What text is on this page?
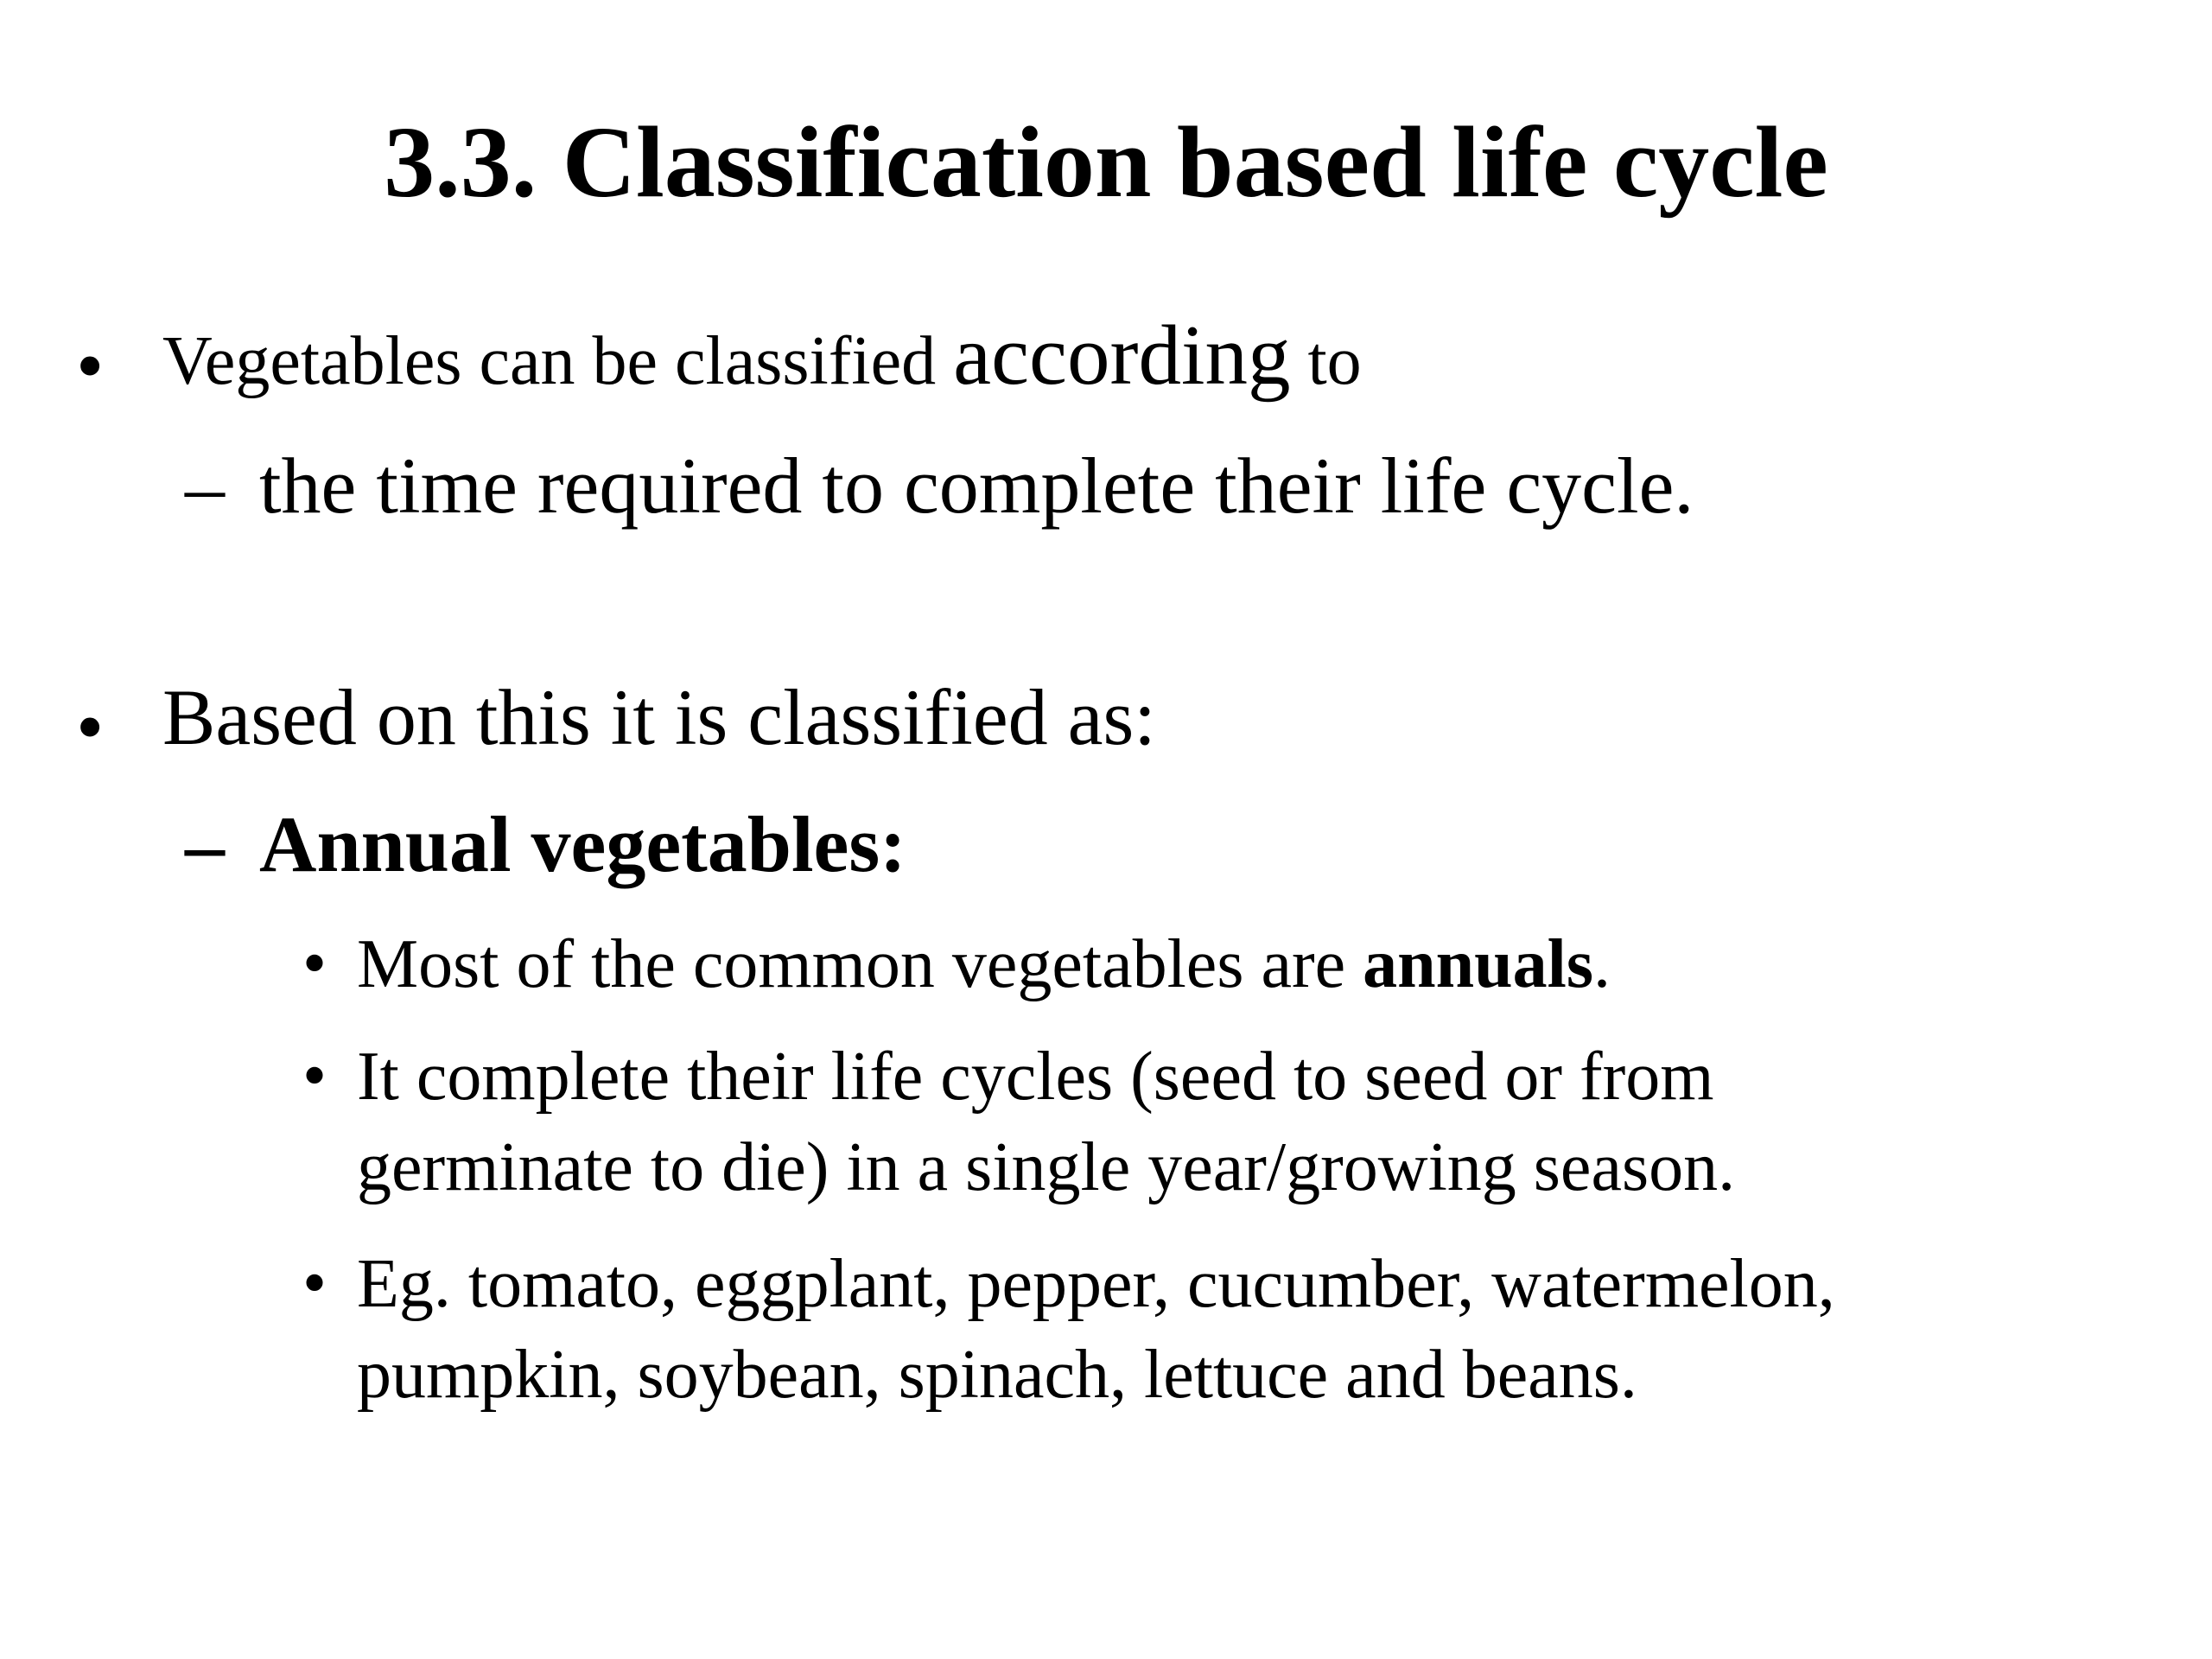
3.3. Classification based life cycle
• Vegetables can be classified according to
– the time required to complete their life cycle.
• Based on this it is classified as:
– Annual vegetables:
• Most of the common vegetables are annuals.
• It complete their life cycles (seed to seed or from
germinate to die) in a single year/growing season.
• Eg. tomato, eggplant, pepper, cucumber, watermelon,
pumpkin, soybean, spinach, lettuce and beans.
